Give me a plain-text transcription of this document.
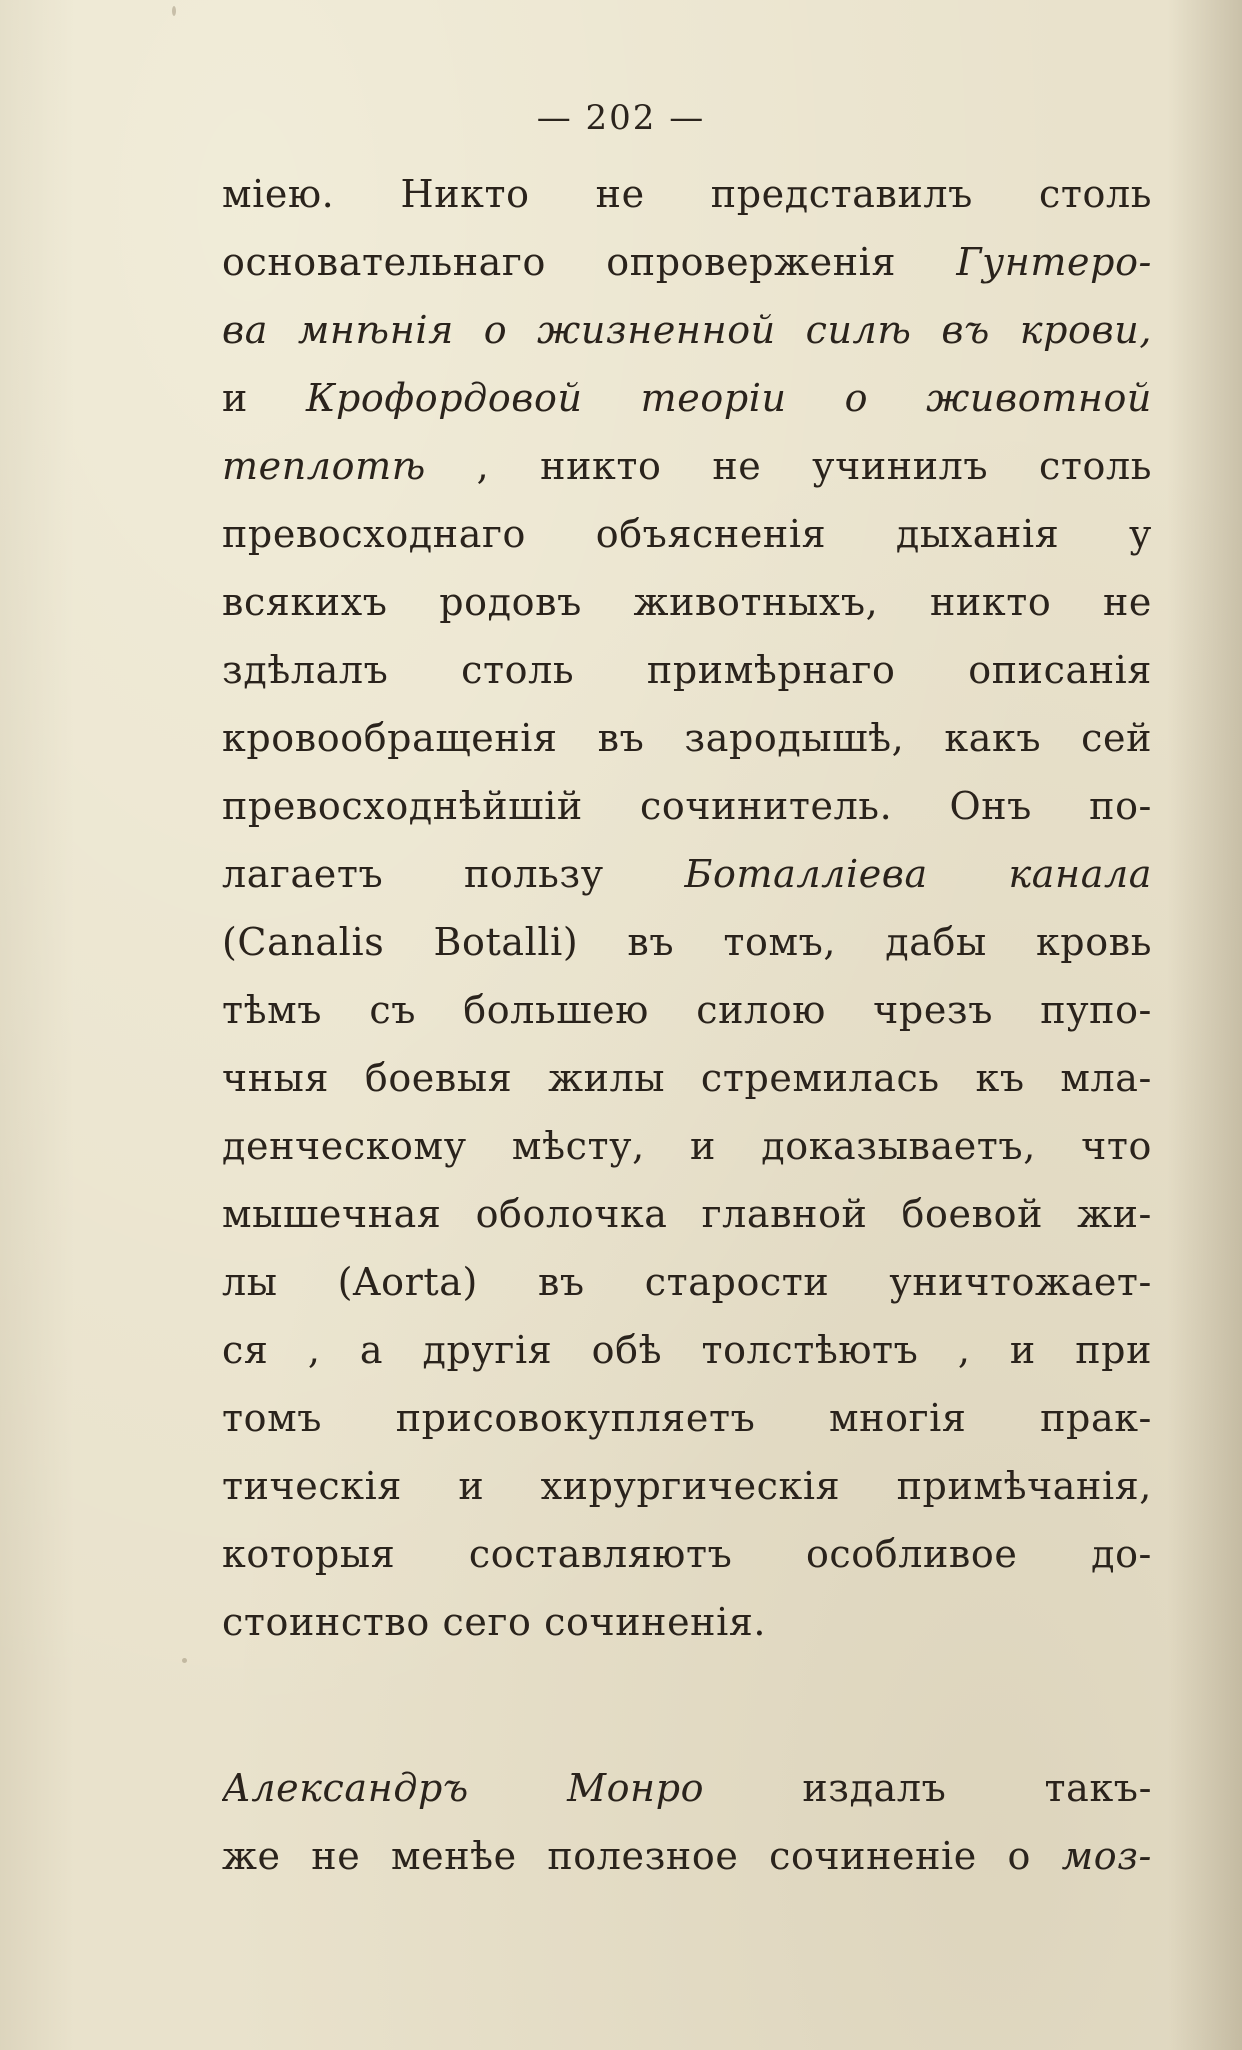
— 202 —
міею. Никто не представилъ столь
основательнаго опроверженія Гунтеро-
ва мнѣнія о жизненной силѣ въ крови,
и Крофордовой теоріи о животной
теплотѣ , никто не учинилъ столь
превосходнаго объясненія дыханія у
всякихъ родовъ животныхъ, никто не
здѣлалъ столь примѣрнаго описанія
кровообращенія въ зародышѣ, какъ сей
превосходнѣйшій сочинитель. Онъ по-
лагаетъ пользу Боталліева канала
(Canalis Botalli) въ томъ, дабы кровь
тѣмъ съ большею силою чрезъ пупо-
чныя боевыя жилы стремилась къ мла-
денческому мѣсту, и доказываетъ, что
мышечная оболочка главной боевой жи-
лы (Aorta) въ старости уничтожает-
ся , а другія обѣ толстѣютъ , и при
томъ присовокупляетъ многія прак-
тическія и хирургическія примѣчанія,
которыя составляютъ особливое до-
стоинство сего сочиненія.
Александръ Монро издалъ такъ-
же не менѣе полезное сочиненіе о моз-
